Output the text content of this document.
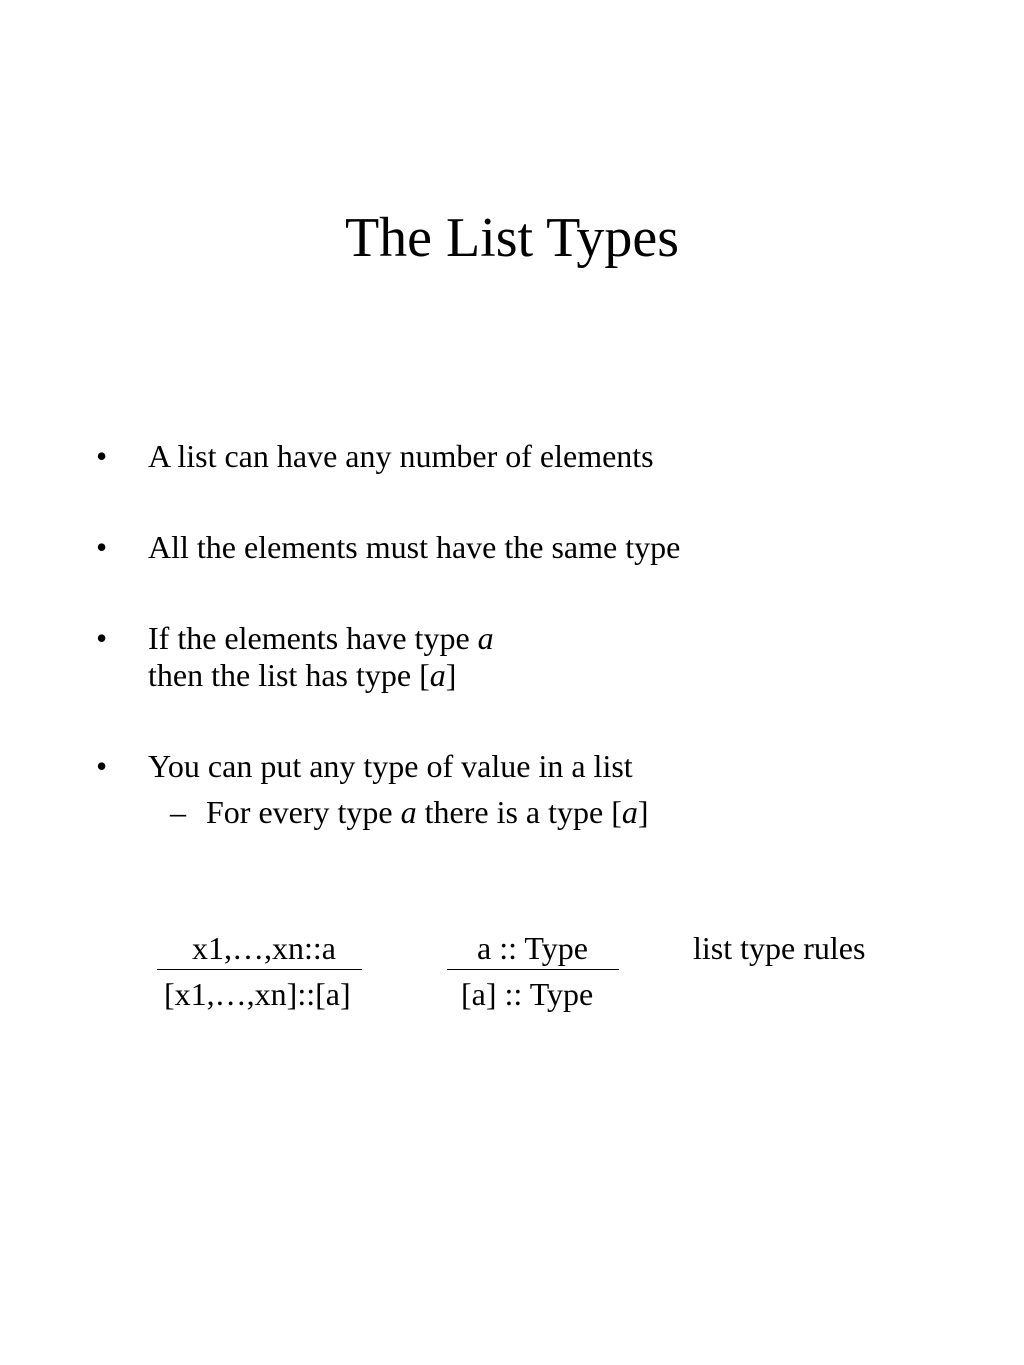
The List Types
• A list can have any number of elements
• All the elements must have the same type
• If the elements have type a
then the list has type [a]
• You can put any type of value in a list
– For every type a there is a type [a]
x1,…,xn::a
[x1,…,xn]::[a]
a :: Type
[a] :: Type
list type rules
